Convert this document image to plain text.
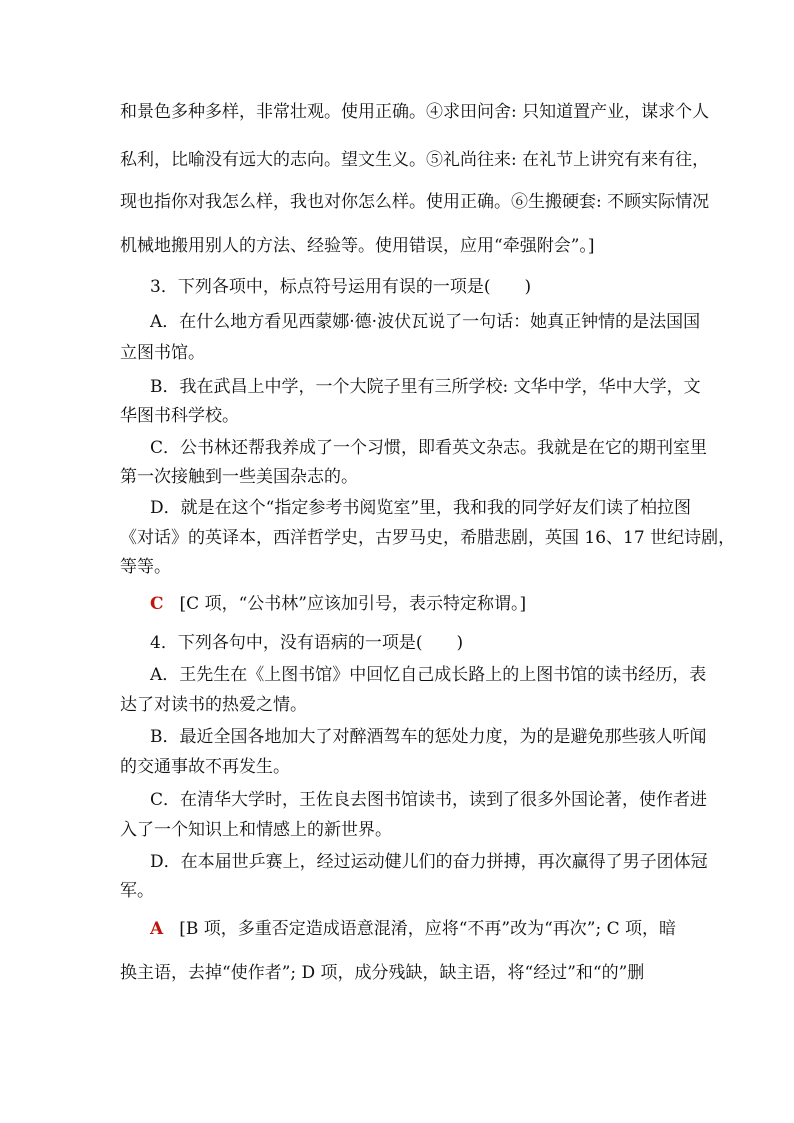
和景色多种多样，非常壮观。使用正确。④求田问舍: 只知道置产业，谋求个人
私利，比喻没有远大的志向。望文生义。⑤礼尚往来: 在礼节上讲究有来有往，
现也指你对我怎么样，我也对你怎么样。使用正确。⑥生搬硬套: 不顾实际情况
机械地搬用别人的方法、经验等。使用错误，应用“牵强附会”。]
3．下列各项中，标点符号运用有误的一项是(　　)
A．在什么地方看见西蒙娜·德·波伏瓦说了一句话：她真正钟情的是法国国
立图书馆。
B．我在武昌上中学，一个大院子里有三所学校: 文华中学，华中大学，文
华图书科学校。
C．公书林还帮我养成了一个习惯，即看英文杂志。我就是在它的期刊室里
第一次接触到一些美国杂志的。
D．就是在这个“指定参考书阅览室”里，我和我的同学好友们读了柏拉图
《对话》的英译本，西洋哲学史，古罗马史，希腊悲剧，英国 16、17 世纪诗剧，
等等。
C [C 项，“公书林”应该加引号，表示特定称谓。]
4．下列各句中，没有语病的一项是(　　)
A．王先生在《上图书馆》中回忆自己成长路上的上图书馆的读书经历，表
达了对读书的热爱之情。
B．最近全国各地加大了对醉酒驾车的惩处力度，为的是避免那些骇人听闻
的交通事故不再发生。
C．在清华大学时，王佐良去图书馆读书，读到了很多外国论著，使作者进
入了一个知识上和情感上的新世界。
D．在本届世乒赛上，经过运动健儿们的奋力拼搏，再次赢得了男子团体冠
军。
A [B 项，多重否定造成语意混淆，应将“不再”改为“再次”; C 项，暗
换主语，去掉“使作者”; D 项，成分残缺，缺主语，将“经过”和“的”删
